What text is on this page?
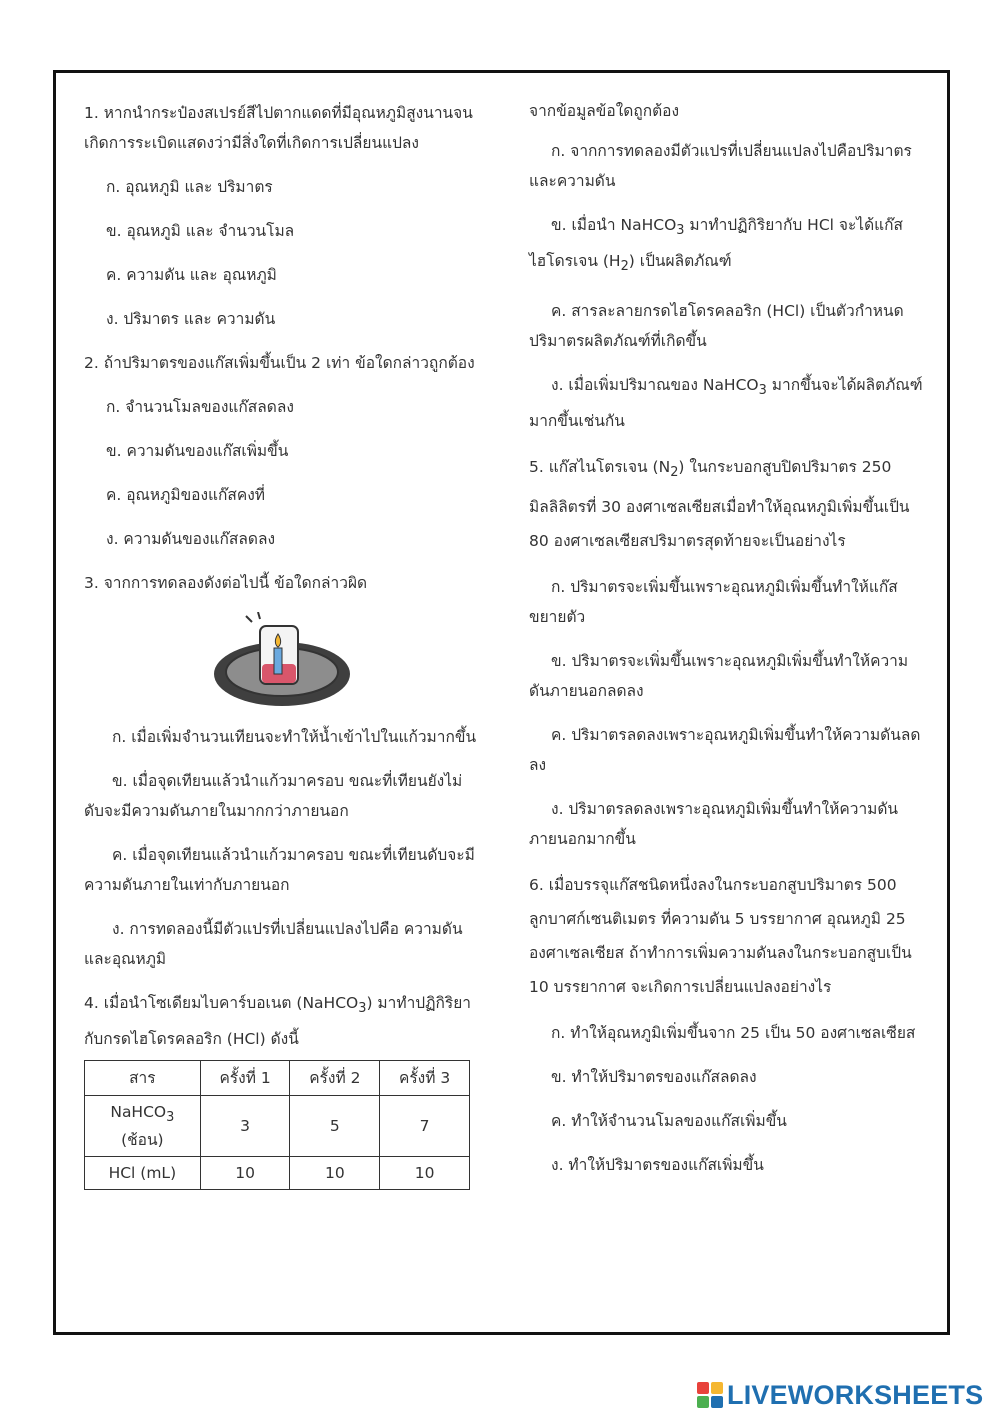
1. หากนำกระป๋องสเปรย์สีไปตากแดดที่มีอุณหภูมิสูงนานจนเกิดการระเบิดแสดงว่ามีสิ่งใดที่เกิดการเปลี่ยนแปลง

ก. อุณหภูมิ และ ปริมาตร

ข. อุณหภูมิ และ จำนวนโมล

ค. ความดัน และ อุณหภูมิ

ง. ปริมาตร และ ความดัน

2. ถ้าปริมาตรของแก๊สเพิ่มขึ้นเป็น 2 เท่า ข้อใดกล่าวถูกต้อง

ก. จำนวนโมลของแก๊สลดลง

ข. ความดันของแก๊สเพิ่มขึ้น

ค. อุณหภูมิของแก๊สคงที่

ง. ความดันของแก๊สลดลง

3. จากการทดลองดังต่อไปนี้ ข้อใดกล่าวผิด

ก. เมื่อเพิ่มจำนวนเทียนจะทำให้น้ำเข้าไปในแก้วมากขึ้น

ข. เมื่อจุดเทียนแล้วนำแก้วมาครอบ ขณะที่เทียนยังไม่ดับจะมีความดันภายในมากกว่าภายนอก

ค. เมื่อจุดเทียนแล้วนำแก้วมาครอบ ขณะที่เทียนดับจะมีความดันภายในเท่ากับภายนอก

ง. การทดลองนี้มีตัวแปรที่เปลี่ยนแปลงไปคือ ความดันและอุณหภูมิ

4. เมื่อนำโซเดียมไบคาร์บอเนต (NaHCO$_3$) มาทำปฏิกิริยากับกรดไฮโดรคลอริก (HCl) ดังนี้

สาร	ครั้งที่ 1	ครั้งที่ 2	ครั้งที่ 3
NaHCO$_3$
(ช้อน)	3	5	7
HCl (mL)	10	10	10

จากข้อมูลข้อใดถูกต้อง

ก. จากการทดลองมีตัวแปรที่เปลี่ยนแปลงไปคือปริมาตรและความดัน

ข. เมื่อนำ NaHCO$_3$ มาทำปฏิกิริยากับ HCl จะได้แก๊สไฮโดรเจน $(H_2)$ เป็นผลิตภัณฑ์

ค. สารละลายกรดไฮโดรคลอริก (HCl) เป็นตัวกำหนดปริมาตรผลิตภัณฑ์ที่เกิดขึ้น

ง. เมื่อเพิ่มปริมาณของ NaHCO$_3$ มากขึ้นจะได้ผลิตภัณฑ์มากขึ้นเช่นกัน

5. แก๊สไนโตรเจน $(N_2)$ ในกระบอกสูบปิดปริมาตร 250 มิลลิลิตรที่ 30 องศาเซลเซียสเมื่อทำให้อุณหภูมิเพิ่มขึ้นเป็น 80 องศาเซลเซียสปริมาตรสุดท้ายจะเป็นอย่างไร

ก. ปริมาตรจะเพิ่มขึ้นเพราะอุณหภูมิเพิ่มขึ้นทำให้แก๊สขยายตัว

ข. ปริมาตรจะเพิ่มขึ้นเพราะอุณหภูมิเพิ่มขึ้นทำให้ความดันภายนอกลดลง

ค. ปริมาตรลดลงเพราะอุณหภูมิเพิ่มขึ้นทำให้ความดันลดลง

ง. ปริมาตรลดลงเพราะอุณหภูมิเพิ่มขึ้นทำให้ความดันภายนอกมากขึ้น

6. เมื่อบรรจุแก๊สชนิดหนึ่งลงในกระบอกสูบปริมาตร 500 ลูกบาศก์เซนติเมตร ที่ความดัน 5 บรรยากาศ อุณหภูมิ 25 องศาเซลเซียส ถ้าทำการเพิ่มความดันลงในกระบอกสูบเป็น 10 บรรยากาศ จะเกิดการเปลี่ยนแปลงอย่างไร

ก. ทำให้อุณหภูมิเพิ่มขึ้นจาก 25 เป็น 50 องศาเซลเซียส

ข. ทำให้ปริมาตรของแก๊สลดลง

ค. ทำให้จำนวนโมลของแก๊สเพิ่มขึ้น

ง. ทำให้ปริมาตรของแก๊สเพิ่มขึ้น

LIVEWORKSHEETS
